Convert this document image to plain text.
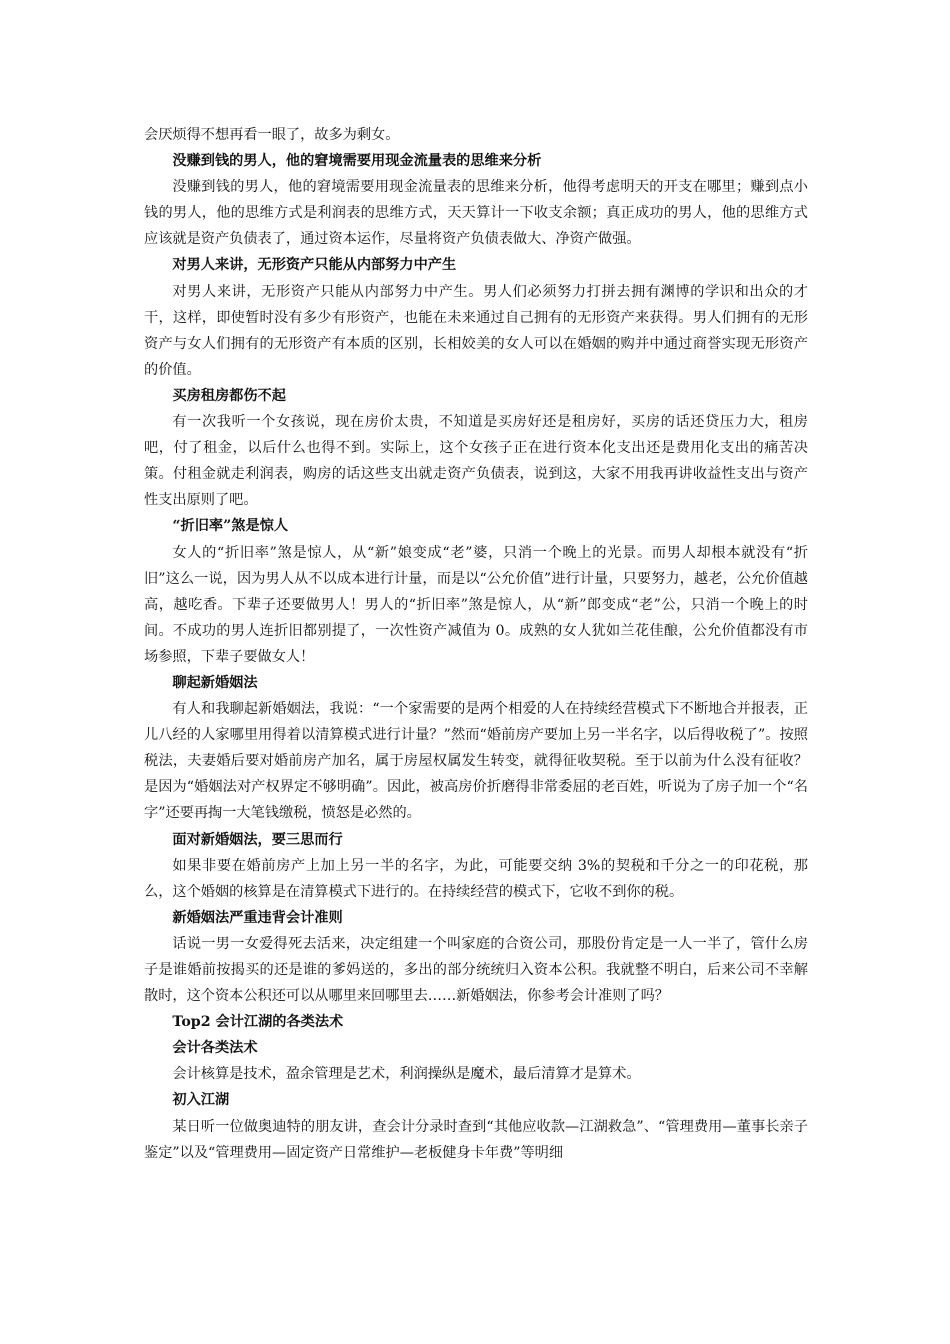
会厌烦得不想再看一眼了，故多为剩女。

没赚到钱的男人，他的窘境需要用现金流量表的思维来分析

没赚到钱的男人，他的窘境需要用现金流量表的思维来分析，他得考虑明天的开支在哪里；赚到点小钱的男人，他的思维方式是利润表的思维方式，天天算计一下收支余额；真正成功的男人，他的思维方式应该就是资产负债表了，通过资本运作，尽量将资产负债表做大、净资产做强。

对男人来讲，无形资产只能从内部努力中产生

对男人来讲，无形资产只能从内部努力中产生。男人们必须努力打拼去拥有渊博的学识和出众的才干，这样，即使暂时没有多少有形资产，也能在未来通过自己拥有的无形资产来获得。男人们拥有的无形资产与女人们拥有的无形资产有本质的区别，长相姣美的女人可以在婚姻的购并中通过商誉实现无形资产的价值。

买房租房都伤不起

有一次我听一个女孩说，现在房价太贵，不知道是买房好还是租房好，买房的话还贷压力大，租房吧，付了租金，以后什么也得不到。实际上，这个女孩子正在进行资本化支出还是费用化支出的痛苦决策。付租金就走利润表，购房的话这些支出就走资产负债表，说到这，大家不用我再讲收益性支出与资产性支出原则了吧。

“折旧率”煞是惊人

女人的“折旧率”煞是惊人，从“新”娘变成“老”婆，只消一个晚上的光景。而男人却根本就没有“折旧”这么一说，因为男人从不以成本进行计量，而是以“公允价值”进行计量，只要努力，越老，公允价值越高，越吃香。下辈子还要做男人！男人的“折旧率”煞是惊人，从“新”郎变成“老”公，只消一个晚上的时间。不成功的男人连折旧都别提了，一次性资产减值为 0。成熟的女人犹如兰花佳酿，公允价值都没有市场参照，下辈子要做女人！

聊起新婚姻法

有人和我聊起新婚姻法，我说：“一个家需要的是两个相爱的人在持续经营模式下不断地合并报表，正儿八经的人家哪里用得着以清算模式进行计量？”然而“婚前房产要加上另一半名字，以后得收税了”。按照税法，夫妻婚后要对婚前房产加名，属于房屋权属发生转变，就得征收契税。至于以前为什么没有征收？是因为“婚姻法对产权界定不够明确”。因此，被高房价折磨得非常委屈的老百姓，听说为了房子加一个“名字”还要再掏一大笔钱缴税，愤怒是必然的。

面对新婚姻法，要三思而行

如果非要在婚前房产上加上另一半的名字，为此，可能要交纳 3%的契税和千分之一的印花税，那么，这个婚姻的核算是在清算模式下进行的。在持续经营的模式下，它收不到你的税。

新婚姻法严重违背会计准则

话说一男一女爱得死去活来，决定组建一个叫家庭的合资公司，那股份肯定是一人一半了，管什么房子是谁婚前按揭买的还是谁的爹妈送的，多出的部分统统归入资本公积。我就整不明白，后来公司不幸解散时，这个资本公积还可以从哪里来回哪里去……新婚姻法，你参考会计准则了吗？

Top2 会计江湖的各类法术

会计各类法术

会计核算是技术，盈余管理是艺术，利润操纵是魔术，最后清算才是算术。

初入江湖

某日听一位做奥迪特的朋友讲，查会计分录时查到“其他应收款—江湖救急”、“管理费用—董事长亲子鉴定”以及“管理费用—固定资产日常维护—老板健身卡年费”等明细
